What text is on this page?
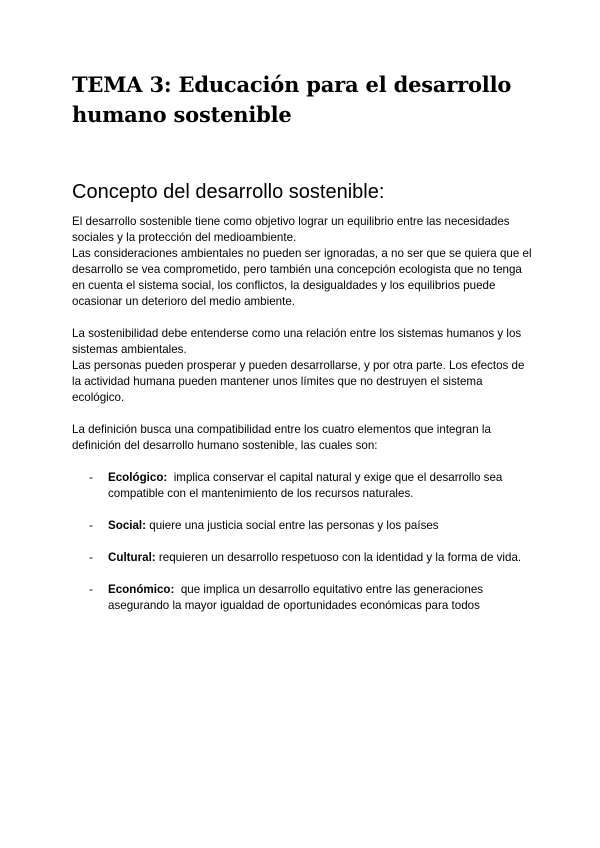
TEMA 3: Educación para el desarrollo humano sostenible
Concepto del desarrollo sostenible:

El desarrollo sostenible tiene como objetivo lograr un equilibrio entre las necesidades sociales y la protección del medioambiente.

Las consideraciones ambientales no pueden ser ignoradas, a no ser que se quiera que el desarrollo se vea comprometido, pero también una concepción ecologista que no tenga en cuenta el sistema social, los conflictos, la desigualdades y los equilibrios puede ocasionar un deterioro del medio ambiente.

La sostenibilidad debe entenderse como una relación entre los sistemas humanos y los sistemas ambientales.

Las personas pueden prosperar y pueden desarrollarse, y por otra parte. Los efectos de la actividad humana pueden mantener unos límites que no destruyen el sistema ecológico.

La definición busca una compatibilidad entre los cuatro elementos que integran la definición del desarrollo humano sostenible, las cuales son:

- Ecológico: implica conservar el capital natural y exige que el desarrollo sea compatible con el mantenimiento de los recursos naturales.
- Social: quiere una justicia social entre las personas y los países
- Cultural: requieren un desarrollo respetuoso con la identidad y la forma de vida.
- Económico: que implica un desarrollo equitativo entre las generaciones asegurando la mayor igualdad de oportunidades económicas para todos
